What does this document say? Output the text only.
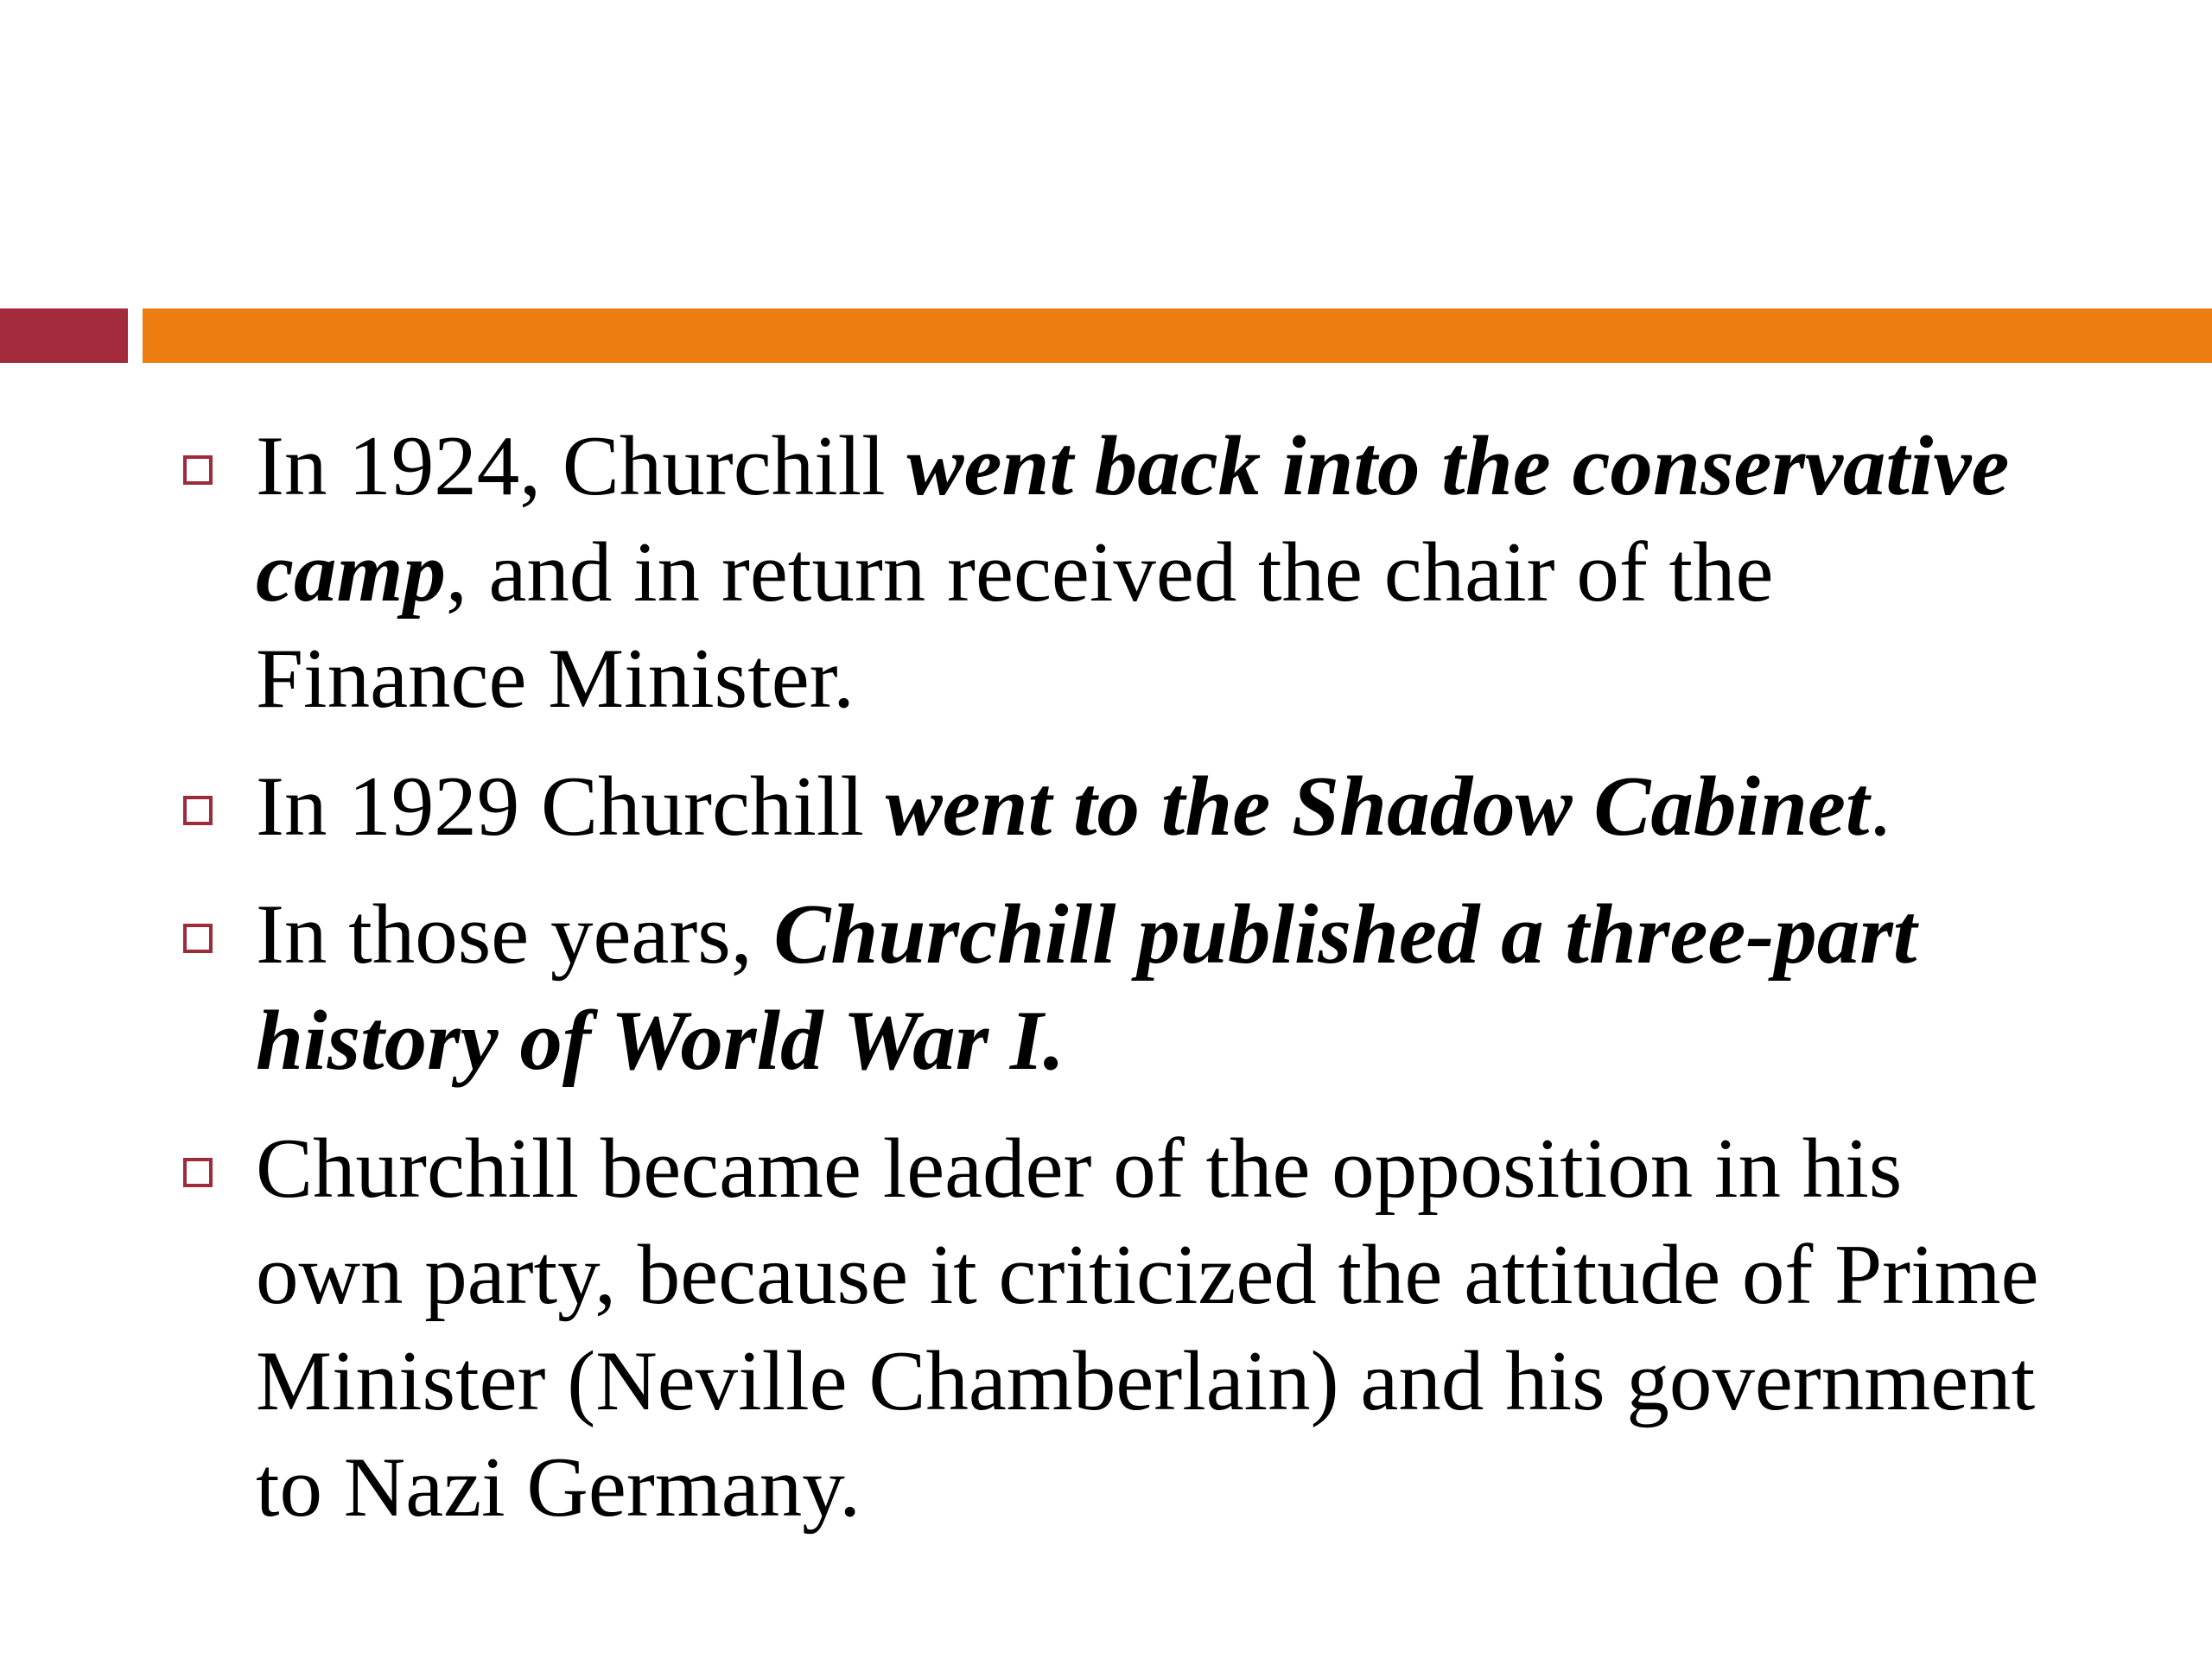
In 1924, Churchill went back into the conservative camp, and in return received the chair of the Finance Minister.
In 1929 Churchill went to the Shadow Cabinet.
In those years, Churchill published a three-part history of World War I.
Churchill became leader of the opposition in his own party, because it criticized the attitude of Prime Minister (Neville Chamberlain) and his government to Nazi Germany.
